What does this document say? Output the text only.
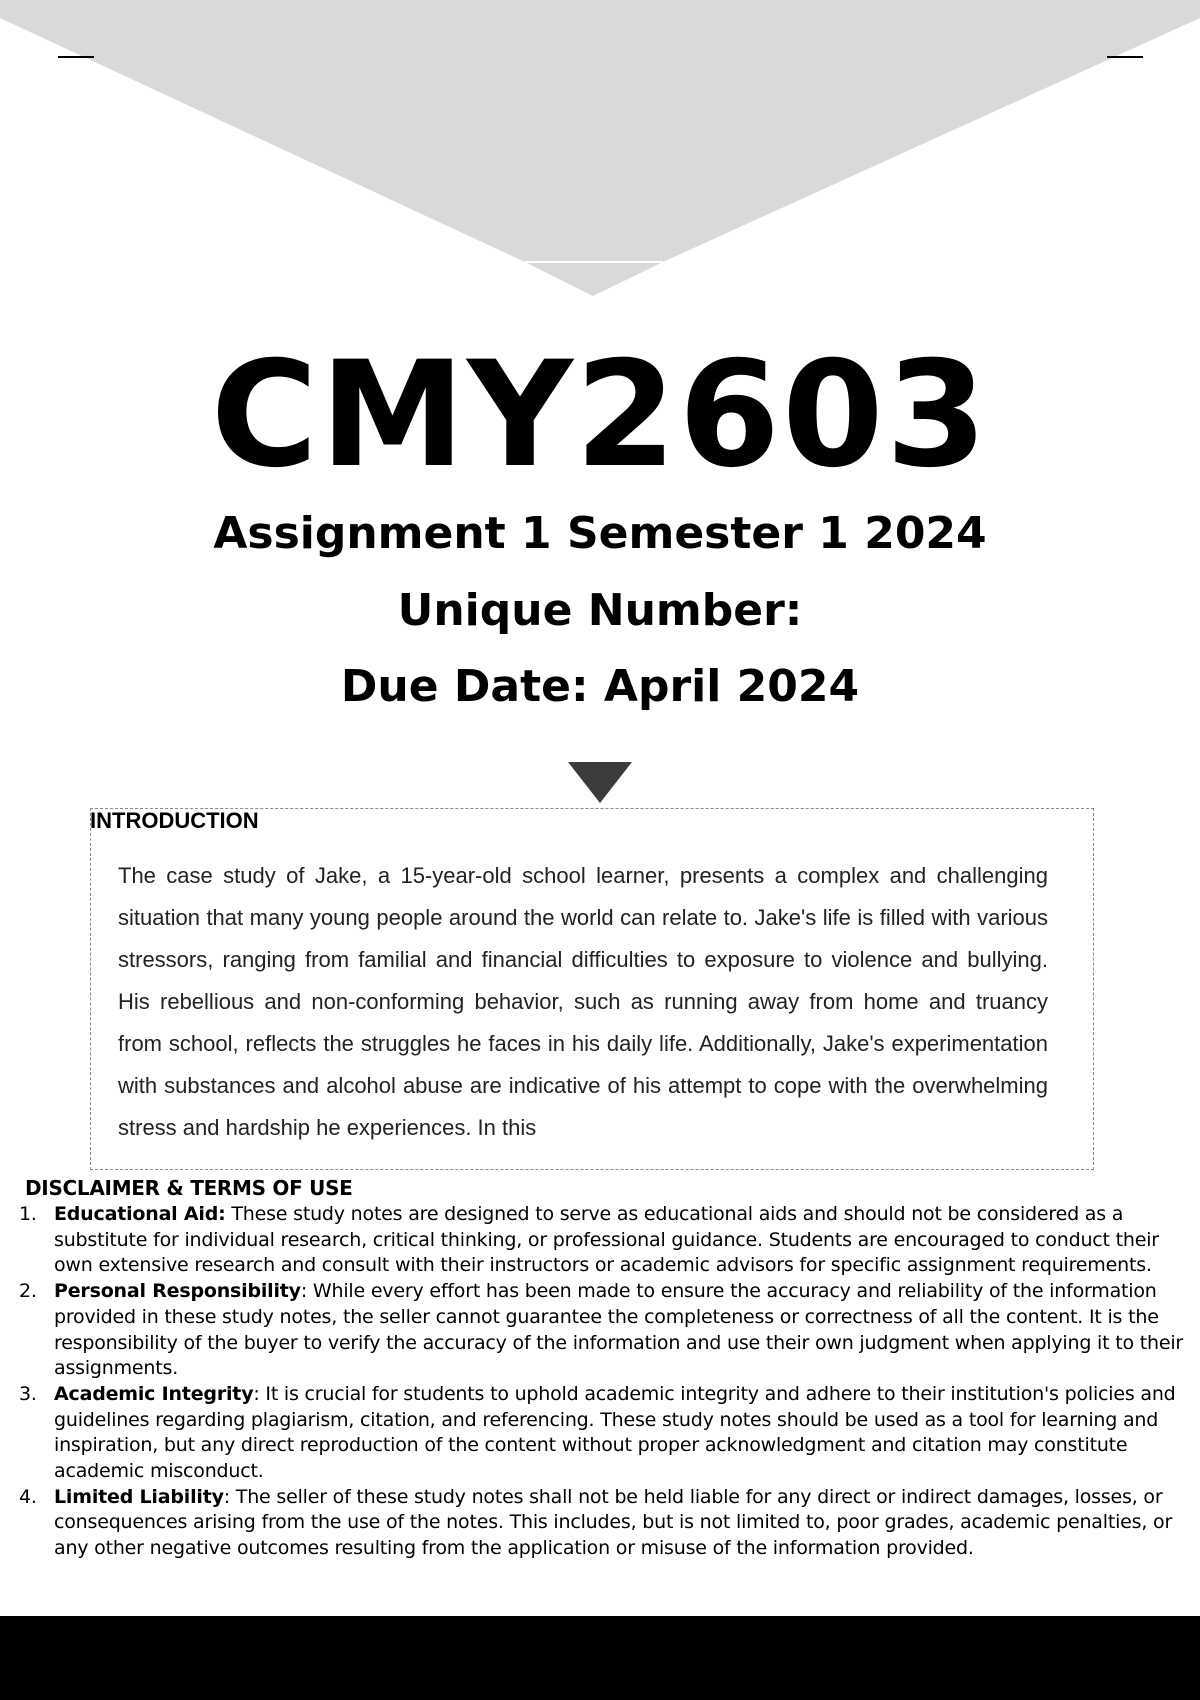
CMY2603
Assignment 1 Semester 1 2024
Unique Number:
Due Date: April 2024
The case study of Jake, a 15-year-old school learner, presents a complex and challenging situation that many young people around the world can relate to. Jake's life is filled with various stressors, ranging from familial and financial difficulties to exposure to violence and bullying. His rebellious and non-conforming behavior, such as running away from home and truancy from school, reflects the struggles he faces in his daily life. Additionally, Jake's experimentation with substances and alcohol abuse are indicative of his attempt to cope with the overwhelming stress and hardship he experiences. In this
INTRODUCTION
DISCLAIMER & TERMS OF USE
1. Educational Aid: These study notes are designed to serve as educational aids and should not be considered as a substitute for individual research, critical thinking, or professional guidance. Students are encouraged to conduct their own extensive research and consult with their instructors or academic advisors for specific assignment requirements.
2. Personal Responsibility: While every effort has been made to ensure the accuracy and reliability of the information provided in these study notes, the seller cannot guarantee the completeness or correctness of all the content. It is the responsibility of the buyer to verify the accuracy of the information and use their own judgment when applying it to their assignments.
3. Academic Integrity: It is crucial for students to uphold academic integrity and adhere to their institution's policies and guidelines regarding plagiarism, citation, and referencing. These study notes should be used as a tool for learning and inspiration, but any direct reproduction of the content without proper acknowledgment and citation may constitute academic misconduct.
4. Limited Liability: The seller of these study notes shall not be held liable for any direct or indirect damages, losses, or consequences arising from the use of the notes. This includes, but is not limited to, poor grades, academic penalties, or any other negative outcomes resulting from the application or misuse of the information provided.
